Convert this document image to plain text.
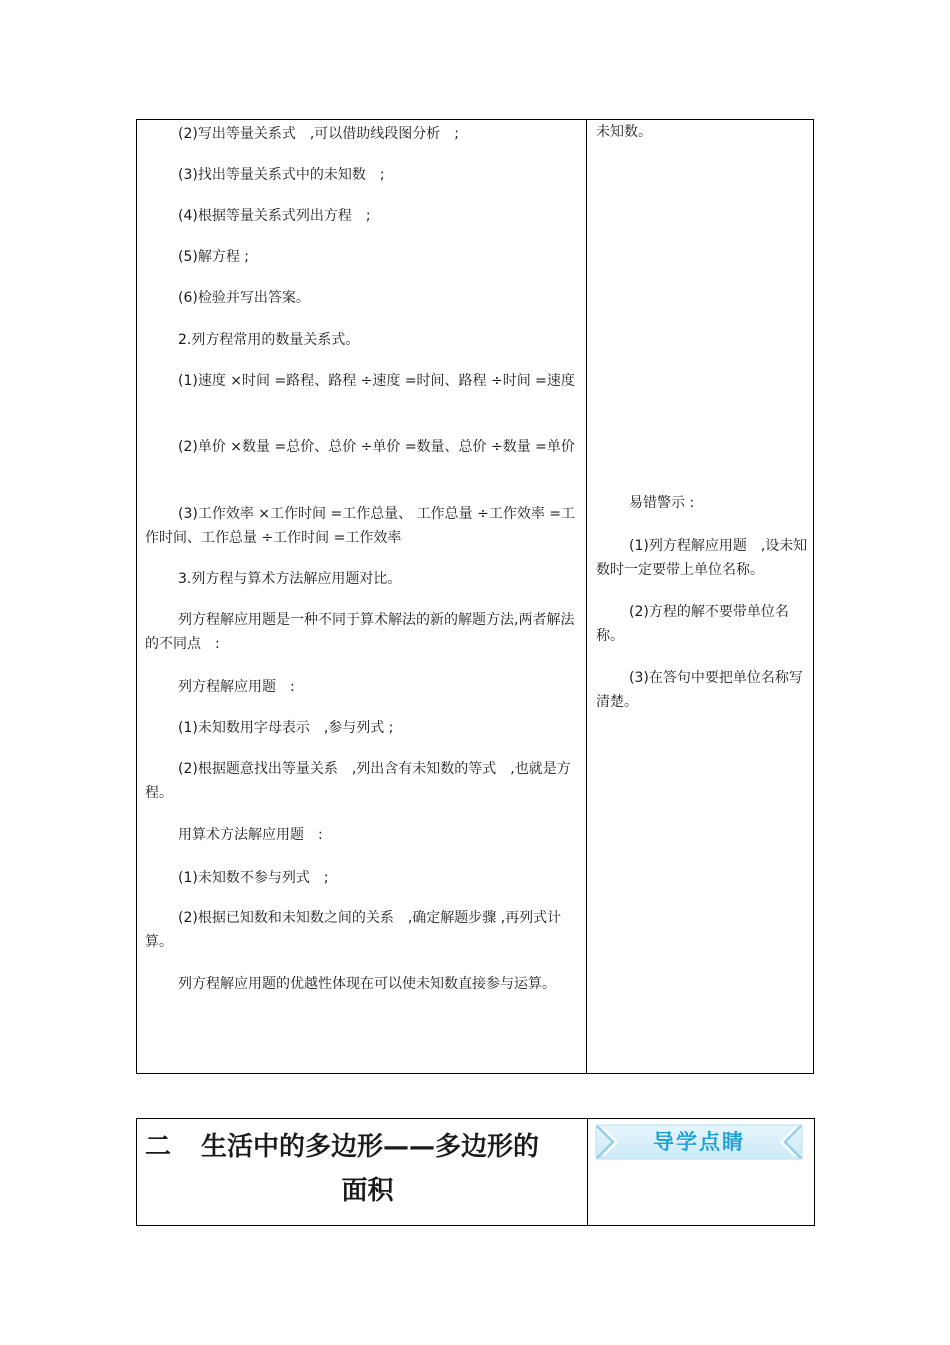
(2)写出等量关系式　,可以借助线段图分析　;

(3)找出等量关系式中的未知数　;

(4)根据等量关系式列出方程　;

(5)解方程 ;

(6)检验并写出答案。

2.列方程常用的数量关系式。

(1)速度 ×时间 =路程、路程 ÷速度 =时间、路程 ÷时间 =速度

(2)单价 ×数量 =总价、总价 ÷单价 =数量、总价 ÷数量 =单价

(3)工作效率 ×工作时间 =工作总量、 工作总量 ÷工作效率 =工作时间、工作总量 ÷工作时间 =工作效率

3.列方程与算术方法解应用题对比。

列方程解应用题是一种不同于算术解法的新的解题方法,两者解法的不同点　:

列方程解应用题　:

(1)未知数用字母表示　,参与列式 ;

(2)根据题意找出等量关系　,列出含有未知数的等式　,也就是方程。

用算术方法解应用题　:

(1)未知数不参与列式　;

(2)根据已知数和未知数之间的关系　,确定解题步骤 ,再列式计算。

列方程解应用题的优越性体现在可以使未知数直接参与运算。

未知数。

易错警示 :

(1)列方程解应用题　,设未知数时一定要带上单位名称。

(2)方程的解不要带单位名称。

(3)在答句中要把单位名称写清楚。

二 生活中的多边形——多边形的
面积
导学点睛
